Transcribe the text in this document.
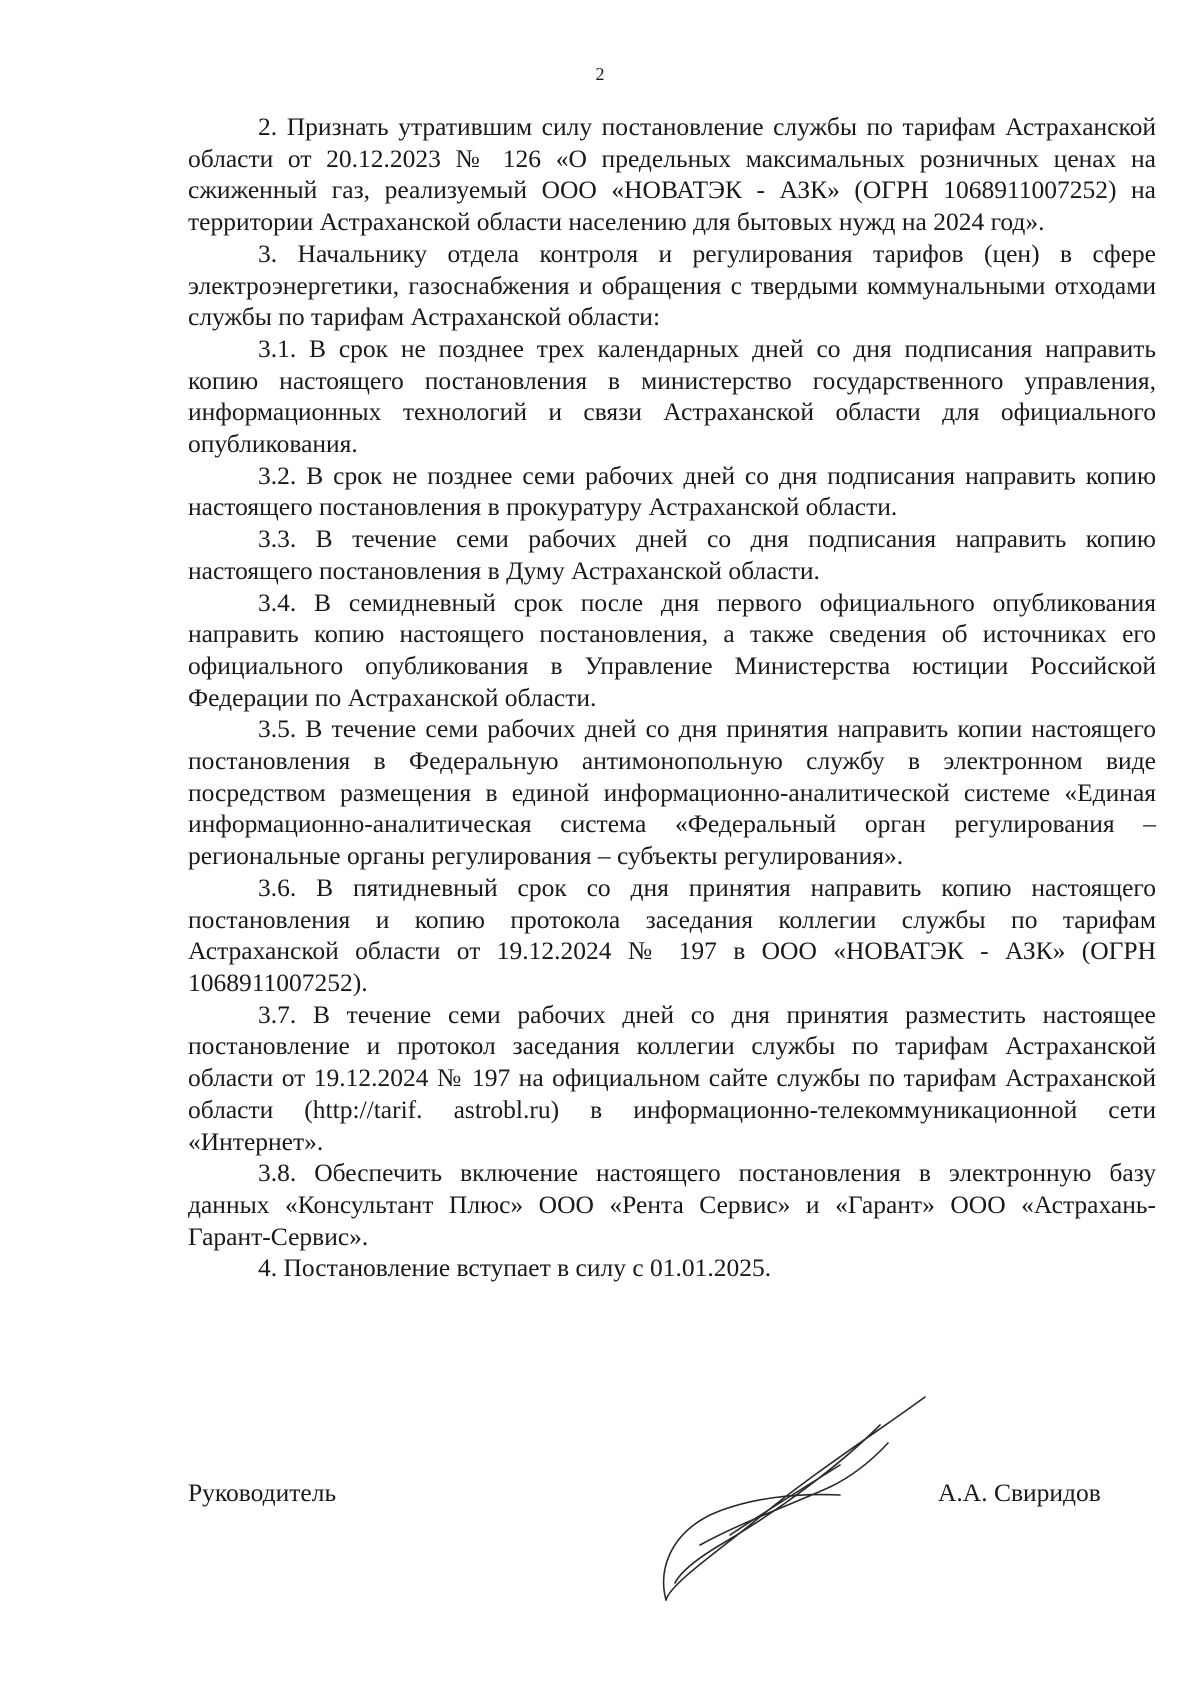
2

2. Признать утратившим силу постановление службы по тарифам Астраханской области от 20.12.2023 № 126 «О предельных максимальных розничных ценах на сжиженный газ, реализуемый ООО «НОВАТЭК - АЗК» (ОГРН 1068911007252) на территории Астраханской области населению для бытовых нужд на 2024 год».

3. Начальнику отдела контроля и регулирования тарифов (цен) в сфере электроэнергетики, газоснабжения и обращения с твердыми коммунальными отходами службы по тарифам Астраханской области:

3.1. В срок не позднее трех календарных дней со дня подписания направить копию настоящего постановления в министерство государственного управления, информационных технологий и связи Астраханской области для официального опубликования.

3.2. В срок не позднее семи рабочих дней со дня подписания направить копию настоящего постановления в прокуратуру Астраханской области.

3.3. В течение семи рабочих дней со дня подписания направить копию настоящего постановления в Думу Астраханской области.

3.4. В семидневный срок после дня первого официального опубликования направить копию настоящего постановления, а также сведения об источниках его официального опубликования в Управление Министерства юстиции Российской Федерации по Астраханской области.

3.5. В течение семи рабочих дней со дня принятия направить копии настоящего постановления в Федеральную антимонопольную службу в электронном виде посредством размещения в единой информационно-аналитической системе «Единая информационно-аналитическая система «Федеральный орган регулирования – региональные органы регулирования – субъекты регулирования».

3.6. В пятидневный срок со дня принятия направить копию настоящего постановления и копию протокола заседания коллегии службы по тарифам Астраханской области от 19.12.2024 № 197 в ООО «НОВАТЭК - АЗК» (ОГРН 1068911007252).

3.7. В течение семи рабочих дней со дня принятия разместить настоящее постановление и протокол заседания коллегии службы по тарифам Астраханской области от 19.12.2024 № 197 на официальном сайте службы по тарифам Астраханской области (http://tarif. astrobl.ru) в информационно-телекоммуникационной сети «Интернет».

3.8. Обеспечить включение настоящего постановления в электронную базу данных «Консультант Плюс» ООО «Рента Сервис» и «Гарант» ООО «Астрахань-Гарант-Сервис».

4. Постановление вступает в силу с 01.01.2025.

Руководитель	А.А. Свиридов
